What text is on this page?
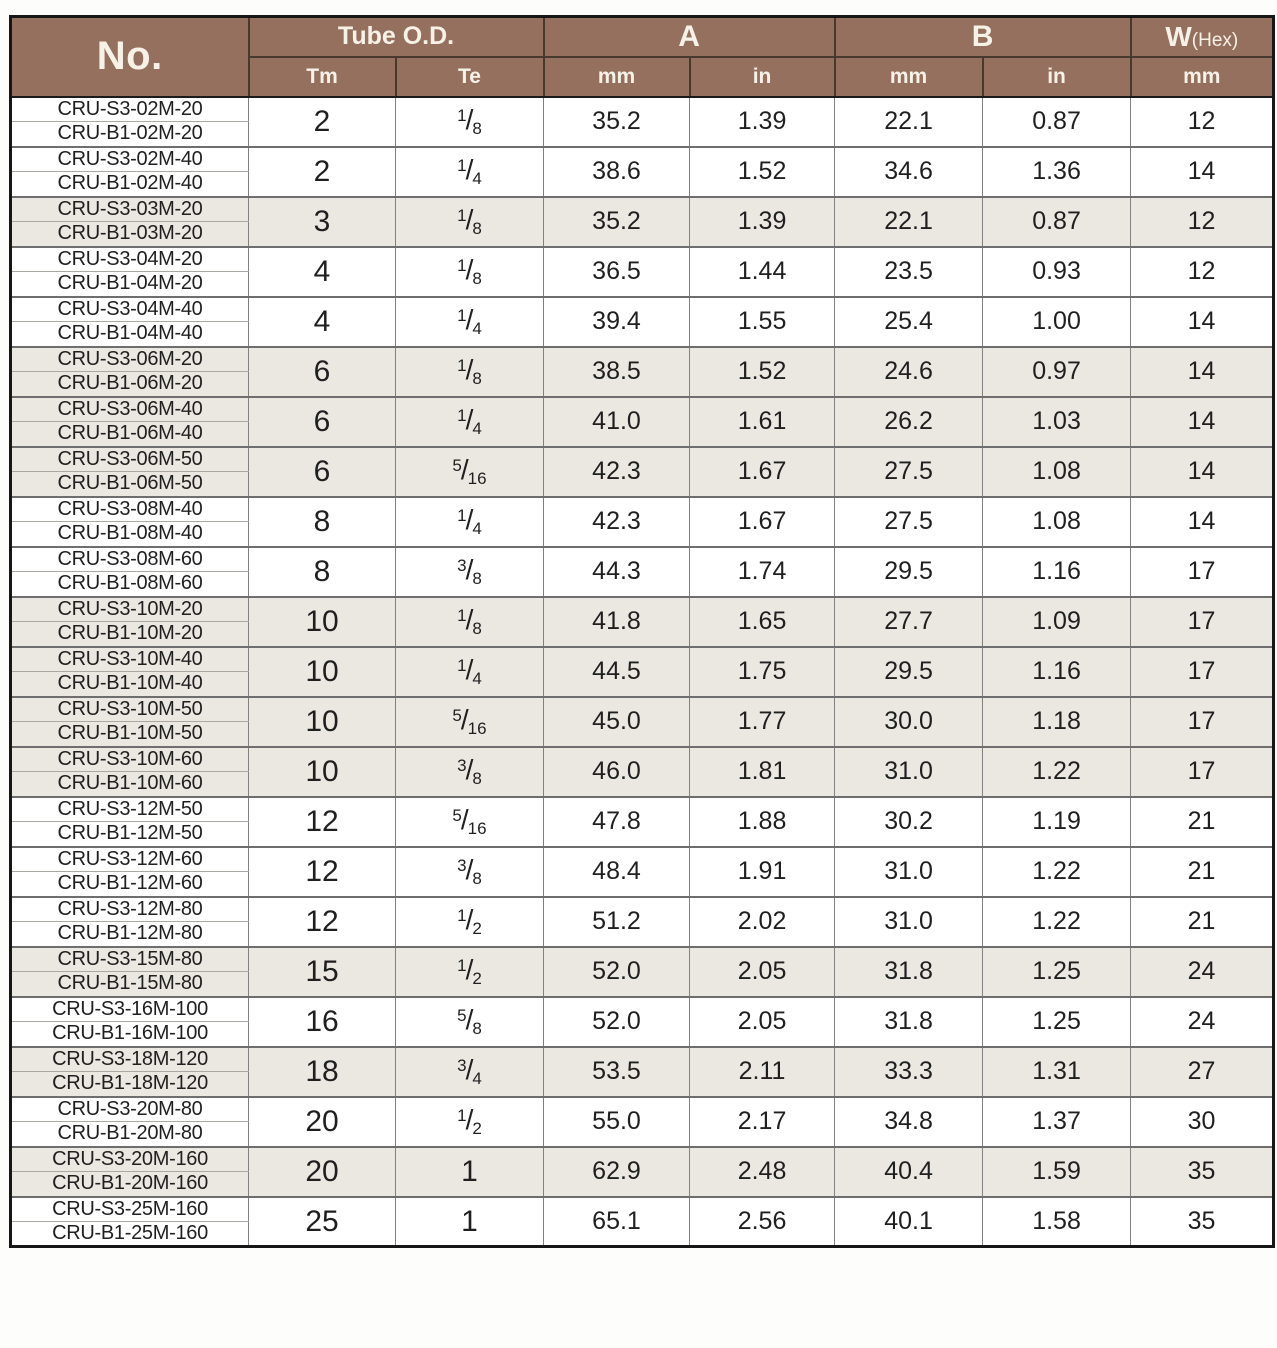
No.	Tube O.D.		A		B		W(Hex)
	Tm	Te	mm	in	mm	in	mm
CRU-S3-02M-20	2	$^1/_8$	35.2	1.39	22.1	0.87	12
CRU-B1-02M-20							
CRU-S3-02M-40	2	$^1/_4$	38.6	1.52	34.6	1.36	14
CRU-B1-02M-40							
CRU-S3-03M-20	3	$^1/_8$	35.2	1.39	22.1	0.87	12
CRU-B1-03M-20							
CRU-S3-04M-20	4	$^1/_8$	36.5	1.44	23.5	0.93	12
CRU-B1-04M-20							
CRU-S3-04M-40	4	$^1/_4$	39.4	1.55	25.4	1.00	14
CRU-B1-04M-40							
CRU-S3-06M-20	6	$^1/_8$	38.5	1.52	24.6	0.97	14
CRU-B1-06M-20							
CRU-S3-06M-40	6	$^1/_4$	41.0	1.61	26.2	1.03	14
CRU-B1-06M-40							
CRU-S3-06M-50	6	$^5/_{16}$	42.3	1.67	27.5	1.08	14
CRU-B1-06M-50							
CRU-S3-08M-40	8	$^1/_4$	42.3	1.67	27.5	1.08	14
CRU-B1-08M-40							
CRU-S3-08M-60	8	$^3/_8$	44.3	1.74	29.5	1.16	17
CRU-B1-08M-60							
CRU-S3-10M-20	10	$^1/_8$	41.8	1.65	27.7	1.09	17
CRU-B1-10M-20							
CRU-S3-10M-40	10	$^1/_4$	44.5	1.75	29.5	1.16	17
CRU-B1-10M-40							
CRU-S3-10M-50	10	$^5/_{16}$	45.0	1.77	30.0	1.18	17
CRU-B1-10M-50							
CRU-S3-10M-60	10	$^3/_8$	46.0	1.81	31.0	1.22	17
CRU-B1-10M-60							
CRU-S3-12M-50	12	$^5/_{16}$	47.8	1.88	30.2	1.19	21
CRU-B1-12M-50							
CRU-S3-12M-60	12	$^3/_8$	48.4	1.91	31.0	1.22	21
CRU-B1-12M-60							
CRU-S3-12M-80	12	$^1/_2$	51.2	2.02	31.0	1.22	21
CRU-B1-12M-80							
CRU-S3-15M-80	15	$^1/_2$	52.0	2.05	31.8	1.25	24
CRU-B1-15M-80							
CRU-S3-16M-100	16	$^5/_8$	52.0	2.05	31.8	1.25	24
CRU-B1-16M-100							
CRU-S3-18M-120	18	$^3/_4$	53.5	2.11	33.3	1.31	27
CRU-B1-18M-120							
CRU-S3-20M-80	20	$^1/_2$	55.0	2.17	34.8	1.37	30
CRU-B1-20M-80							
CRU-S3-20M-160	20	1	62.9	2.48	40.4	1.59	35
CRU-B1-20M-160							
CRU-S3-25M-160	25	1	65.1	2.56	40.1	1.58	35
CRU-B1-25M-160							
